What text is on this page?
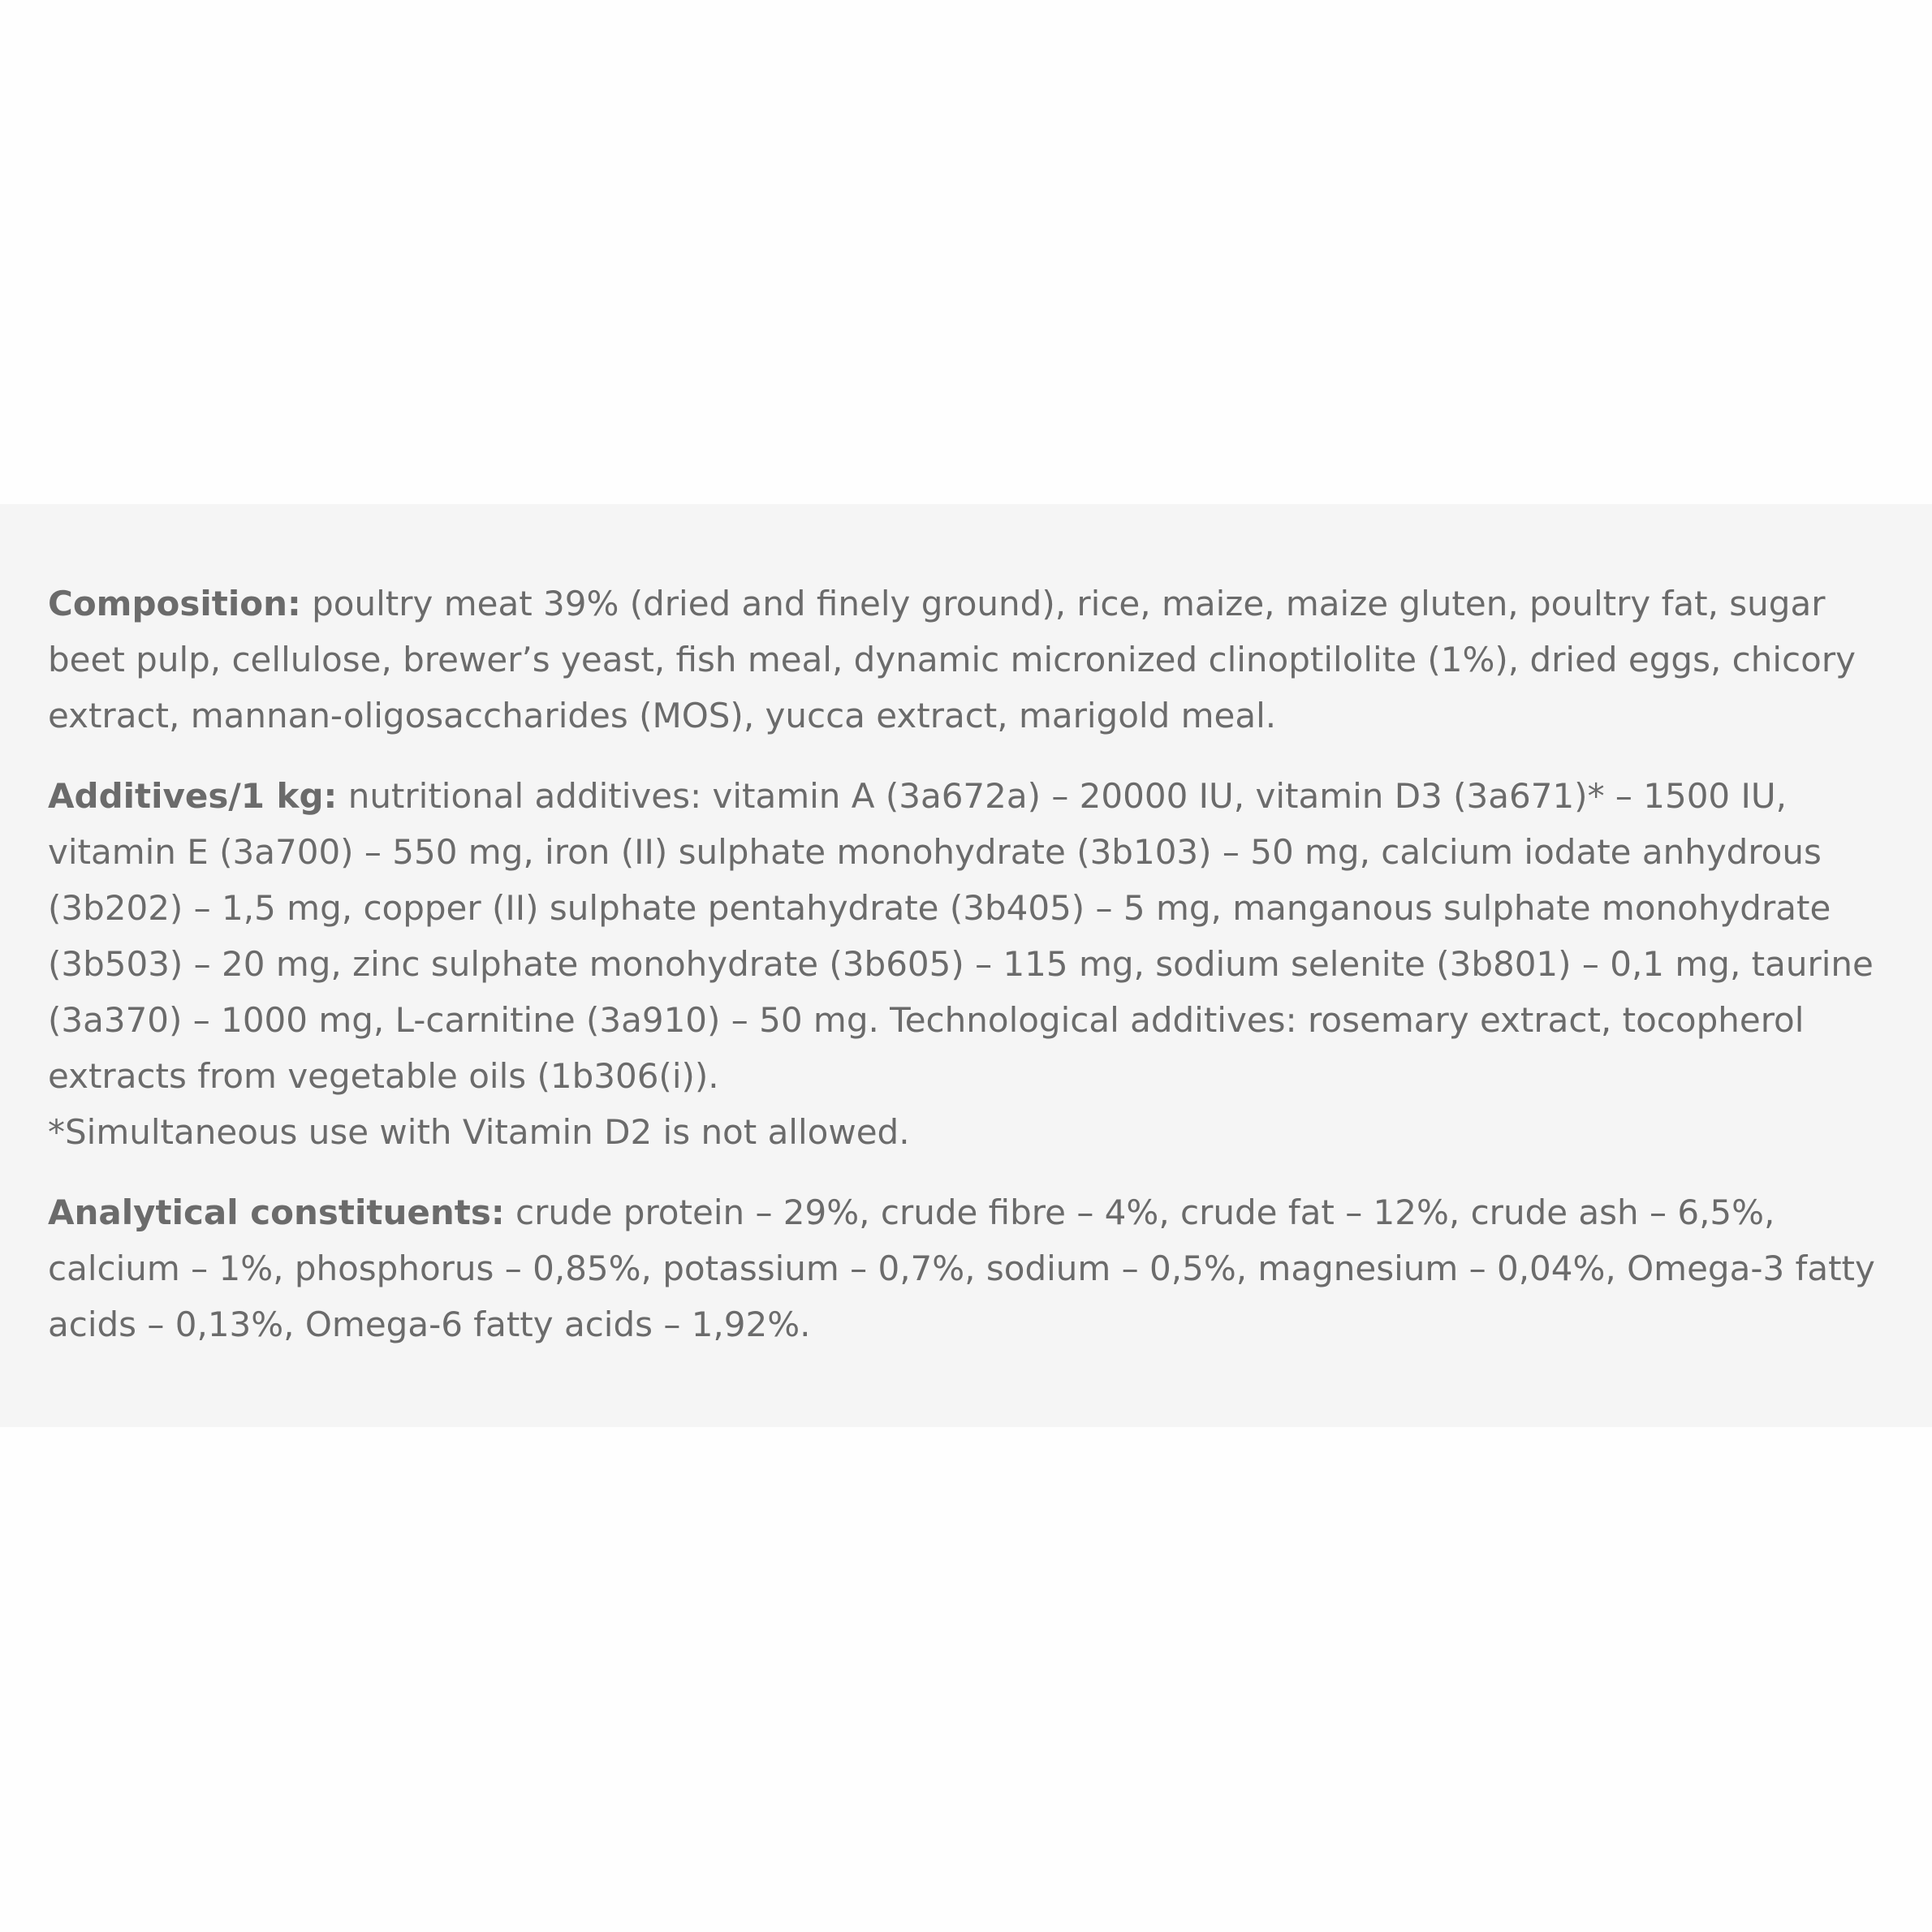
Composition: poultry meat 39% (dried and finely ground), rice, maize, maize gluten, poultry fat, sugar beet pulp, cellulose, brewer’s yeast, fish meal, dynamic micronized clinoptilolite (1%), dried eggs, chicory extract, mannan-oligosaccharides (MOS), yucca extract, marigold meal.

Additives/1 kg: nutritional additives: vitamin A (3a672a) – 20000 IU, vitamin D3 (3a671)* – 1500 IU, vitamin E (3a700) – 550 mg, iron (II) sulphate monohydrate (3b103) – 50 mg, calcium iodate anhydrous (3b202) – 1,5 mg, copper (II) sulphate pentahydrate (3b405) – 5 mg, manganous sulphate monohydrate (3b503) – 20 mg, zinc sulphate monohydrate (3b605) – 115 mg, sodium selenite (3b801) – 0,1 mg, taurine (3a370) – 1000 mg, L-carnitine (3a910) – 50 mg. Technological additives: rosemary extract, tocopherol extracts from vegetable oils (1b306(i)).
*Simultaneous use with Vitamin D2 is not allowed.

Analytical constituents: crude protein – 29%, crude fibre – 4%, crude fat – 12%, crude ash – 6,5%, calcium – 1%, phosphorus – 0,85%, potassium – 0,7%, sodium – 0,5%, magnesium – 0,04%, Omega-3 fatty acids – 0,13%, Omega-6 fatty acids – 1,92%.
